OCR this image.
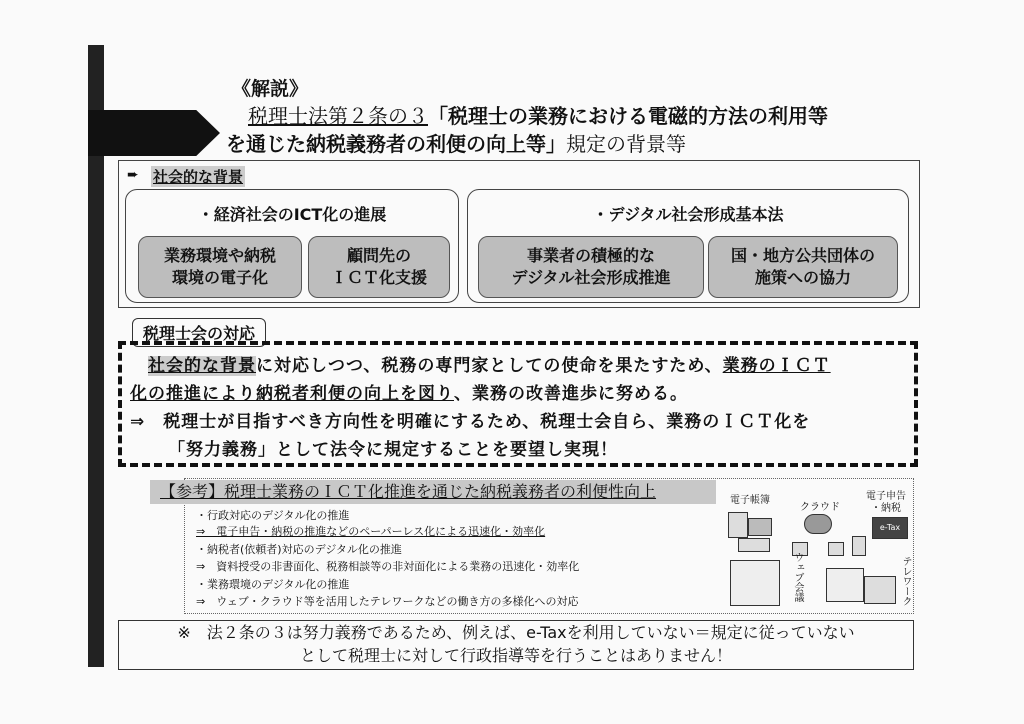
《解説》
税理士法第２条の３「税理士の業務における電磁的方法の利用等
を通じた納税義務者の利便の向上等」規定の背景等
➨ 社会的な背景
・経済社会のICT化の進展
業務環境や納税
環境の電子化
顧問先の
ＩＣＴ化支援
・デジタル社会形成基本法
事業者の積極的な
デジタル社会形成推進
国・地方公共団体の
施策への協力
税理士会の対応
社会的な背景に対応しつつ、税務の専門家としての使命を果たすため、業務のＩＣＴ
化の推進により納税者利便の向上を図り、業務の改善進歩に努める。
⇒　税理士が目指すべき方向性を明確にするため、税理士会自ら、業務のＩＣＴ化を
「努力義務」として法令に規定することを要望し実現！
【参考】税理士業務のＩＣＴ化推進を通じた納税義務者の利便性向上
・行政対応のデジタル化の推進
⇒　電子申告・納税の推進などのペーパーレス化による迅速化・効率化
・納税者(依頼者)対応のデジタル化の推進
⇒　資料授受の非書面化、税務相談等の非対面化による業務の迅速化・効率化
・業務環境のデジタル化の推進
⇒　ウェブ・クラウド等を活用したテレワークなどの働き方の多様化への対応
電子帳簿
クラウド
電子申告
・納税
e-Tax
ウェブ会議	テレワーク
※　法２条の３は努力義務であるため、例えば、e-Taxを利用していない＝規定に従っていない
として税理士に対して行政指導等を行うことはありません！
